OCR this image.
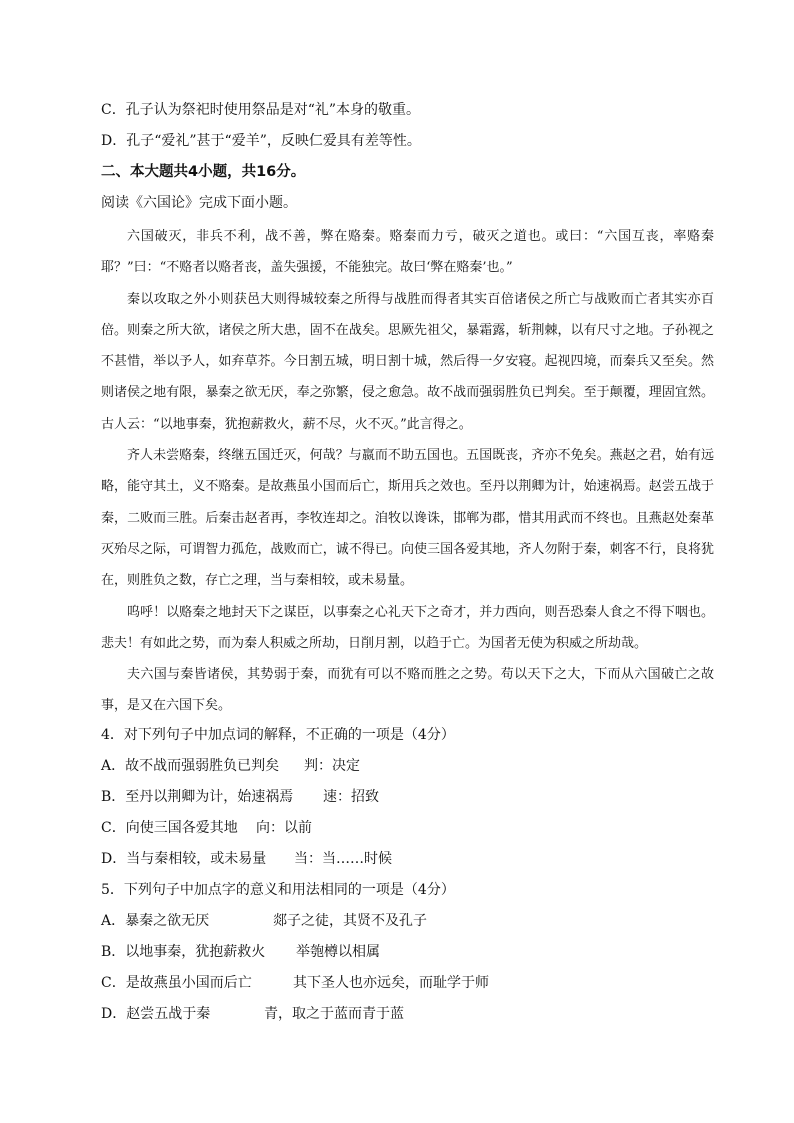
C．孔子认为祭祀时使用祭品是对“礼”本身的敬重。
D．孔子“爱礼”甚于“爱羊”，反映仁爱具有差等性。
二、本大题共4小题，共16分。
阅读《六国论》完成下面小题。
六国破灭，非兵不利，战不善，弊在赂秦。赂秦而力亏，破灭之道也。或曰：“六国互丧，率赂秦耶？”曰：“不赂者以赂者丧，盖失强援，不能独完。故曰‘弊在赂秦’也。”
秦以攻取之外小则获邑大则得城较秦之所得与战胜而得者其实百倍诸侯之所亡与战败而亡者其实亦百倍。则秦之所大欲，诸侯之所大患，固不在战矣。思厥先祖父，暴霜露，斩荆棘，以有尺寸之地。子孙视之不甚惜，举以予人，如弃草芥。今日割五城，明日割十城，然后得一夕安寝。起视四境，而秦兵又至矣。然则诸侯之地有限，暴秦之欲无厌，奉之弥繁，侵之愈急。故不战而强弱胜负已判矣。至于颠覆，理固宜然。古人云：“以地事秦，犹抱薪救火，薪不尽，火不灭。”此言得之。
齐人未尝赂秦，终继五国迁灭，何哉？与嬴而不助五国也。五国既丧，齐亦不免矣。燕赵之君，始有远略，能守其土，义不赂秦。是故燕虽小国而后亡，斯用兵之效也。至丹以荆卿为计，始速祸焉。赵尝五战于秦，二败而三胜。后秦击赵者再，李牧连却之。洎牧以谗诛，邯郸为郡，惜其用武而不终也。且燕赵处秦革灭殆尽之际，可谓智力孤危，战败而亡，诚不得已。向使三国各爱其地，齐人勿附于秦，刺客不行，良将犹在，则胜负之数，存亡之理，当与秦相较，或未易量。
呜呼！以赂秦之地封天下之谋臣，以事秦之心礼天下之奇才，并力西向，则吾恐秦人食之不得下咽也。悲夫！有如此之势，而为秦人积威之所劫，日削月割，以趋于亡。为国者无使为积威之所劫哉。
夫六国与秦皆诸侯，其势弱于秦，而犹有可以不赂而胜之之势。苟以天下之大，下而从六国破亡之故事，是又在六国下矣。
4．对下列句子中加点词的解释，不正确的一项是（4分）
A．故不战而强弱胜负已判矣 判：决定
B．至丹以荆卿为计，始速祸焉 速：招致
C．向使三国各爱其地 向：以前
D．当与秦相较，或未易量 当：当……时候
5．下列句子中加点字的意义和用法相同的一项是（4分）
A．暴秦之欲无厌	郯子之徒，其贤不及孔子
B．以地事秦，犹抱薪救火 举匏樽以相属
C．是故燕虽小国而后亡	其下圣人也亦远矣，而耻学于师
D．赵尝五战于秦	青，取之于蓝而青于蓝
